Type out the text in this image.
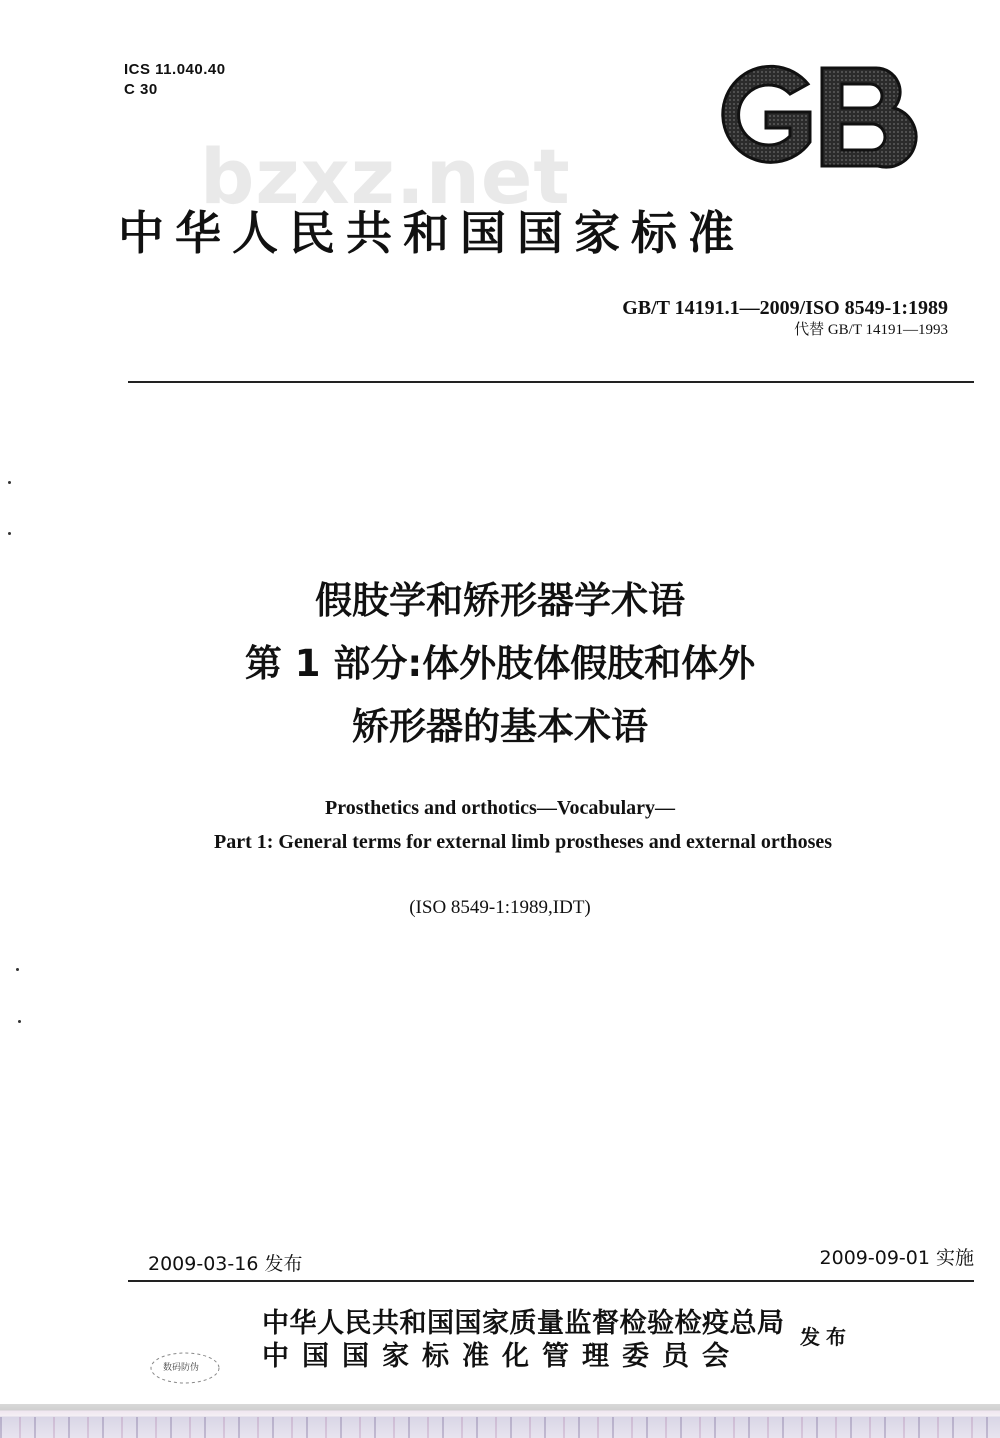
ICS 11.040.40
C 30
bzxz.net
中华人民共和国国家标准
GB/T 14191.1—2009/ISO 8549-1:1989
代替 GB/T 14191—1993
假肢学和矫形器学术语
第 1 部分:体外肢体假肢和体外
矫形器的基本术语
Prosthetics and orthotics—Vocabulary—
Part 1: General terms for external limb prostheses and external orthoses
(ISO 8549-1:1989,IDT)
2009-03-16 发布	2009-09-01 实施
中华人民共和国国家质量监督检验检疫总局
中国国家标准化管理委员会
发布
数码防伪
